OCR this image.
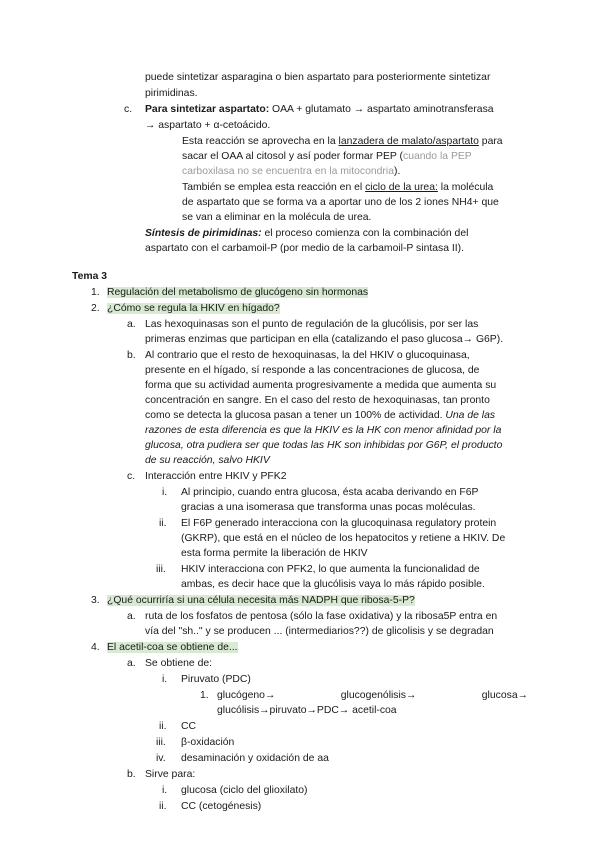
puede sintetizar asparagina o bien aspartato para posteriormente sintetizar
pirimidinas.
c. Para sintetizar aspartato: OAA + glutamato → aspartato aminotransferasa
→ aspartato + α-cetoácido.
Esta reacción se aprovecha en la lanzadera de malato/aspartato para
sacar el OAA al citosol y así poder formar PEP (cuando la PEP
carboxilasa no se encuentra en la mitocondria).
También se emplea esta reacción en el ciclo de la urea: la molécula
de aspartato que se forma va a aportar uno de los 2 iones NH4+ que
se van a eliminar en la molécula de urea.
Síntesis de pirimidinas: el proceso comienza con la combinación del
aspartato con el carbamoil-P (por medio de la carbamoil-P sintasa II).
Tema 3
1. Regulación del metabolismo de glucógeno sin hormonas
2. ¿Cómo se regula la HKIV en hígado?
a. Las hexoquinasas son el punto de regulación de la glucólisis, por ser las
primeras enzimas que participan en ella (catalizando el paso glucosa→ G6P).
b. Al contrario que el resto de hexoquinasas, la del HKIV o glucoquinasa,
presente en el hígado, sí responde a las concentraciones de glucosa, de
forma que su actividad aumenta progresivamente a medida que aumenta su
concentración en sangre. En el caso del resto de hexoquinasas, tan pronto
como se detecta la glucosa pasan a tener un 100% de actividad. Una de las
razones de esta diferencia es que la HKIV es la HK con menor afinidad por la
glucosa, otra pudiera ser que todas las HK son inhibidas por G6P, el producto
de su reacción, salvo HKIV
c. Interacción entre HKIV y PFK2
i. Al principio, cuando entra glucosa, ésta acaba derivando en F6P
gracias a una isomerasa que transforma unas pocas moléculas.
ii. El F6P generado interacciona con la glucoquinasa regulatory protein
(GKRP), que está en el núcleo de los hepatocitos y retiene a HKIV. De
esta forma permite la liberación de HKIV
iii. HKIV interacciona con PFK2, lo que aumenta la funcionalidad de
ambas, es decir hace que la glucólisis vaya lo más rápido posible.
3. ¿Qué ocurriría si una célula necesita más NADPH que ribosa-5-P?
a. ruta de los fosfatos de pentosa (sólo la fase oxidativa) y la ribosa5P entra en
vía del "sh.." y se producen ... (intermediarios??) de glicolisis y se degradan
4. El acetil-coa se obtiene de...
a. Se obtiene de:
i. Piruvato (PDC)
1. glucógeno→	glucogenólisis→	glucosa→
glucólisis→piruvato→PDC→ acetil-coa
ii. CC
iii. β-oxidación
iv. desaminación y oxidación de aa
b. Sirve para:
i. glucosa (ciclo del glioxilato)
ii. CC (cetogénesis)
